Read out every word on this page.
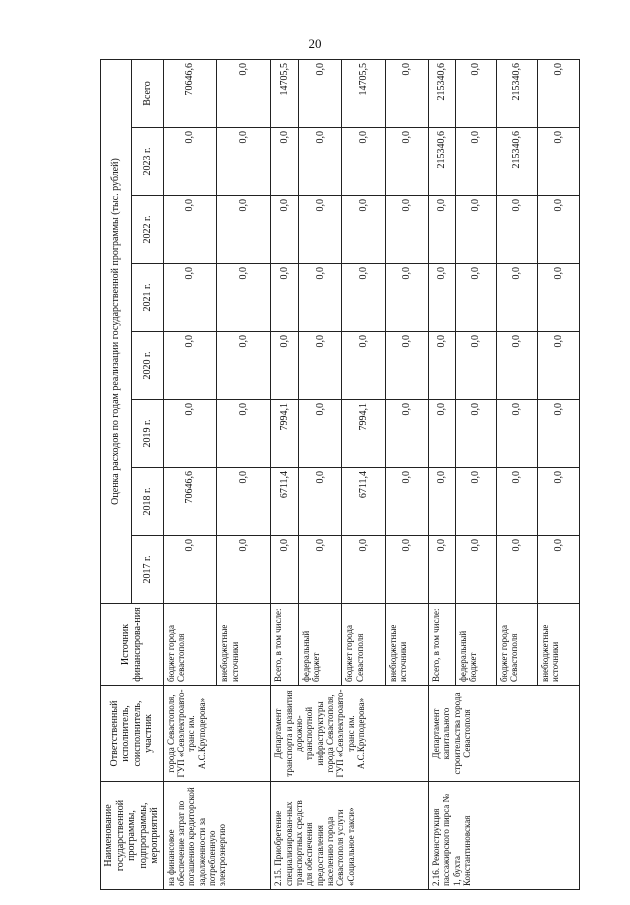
20
Наименование государственной программы, подпрограммы, мероприятий	Ответственный исполнитель, соисполнитель, участник	Источник финансирова-ния	Оценка расходов по годам реализации государственной программы (тыс. рублей)							
			2017 г.	2018 г.	2019 г.	2020 г.	2021 г.	2022 г.	2023 г.	Всего
на финансовое обеспечение затрат по погашению кредиторской задолженности за потребленную электроэнергию	города Севастополя, ГУП «Севэлектроавто-транс им. А.С.Круподерова»	бюджет города Севастополя	0,0	70646,6	0,0	0,0	0,0	0,0	0,0	70646,6
		внебюджетные источники	0,0	0,0	0,0	0,0	0,0	0,0	0,0	0,0
2.15. Приобретение специализирован-ных транспортных средств для обеспечения предоставления населению города Севастополя услуги «Социальное такси»	Департамент транспорта и развития дорожно-транспортной инфраструктуры города Севастополя, ГУП «Севэлектроавто-транс им. А.С.Круподерова»	Всего, в том числе:	0,0	6711,4	7994,1	0,0	0,0	0,0	0,0	14705,5
		федеральный бюджет	0,0	0,0	0,0	0,0	0,0	0,0	0,0	0,0
		бюджет города Севастополя	0,0	6711,4	7994,1	0,0	0,0	0,0	0,0	14705,5
		внебюджетные источники	0,0	0,0	0,0	0,0	0,0	0,0	0,0	0,0
2.16. Реконструкция пассажирского пирса № 1, бухта Константиновская	Департамент капитального строительства города Севастополя	Всего, в том числе:	0,0	0,0	0,0	0,0	0,0	0,0	215340,6	215340,6
		федеральный бюджет	0,0	0,0	0,0	0,0	0,0	0,0	0,0	0,0
		бюджет города Севастополя	0,0	0,0	0,0	0,0	0,0	0,0	215340,6	215340,6
		внебюджетные источники	0,0	0,0	0,0	0,0	0,0	0,0	0,0	0,0
